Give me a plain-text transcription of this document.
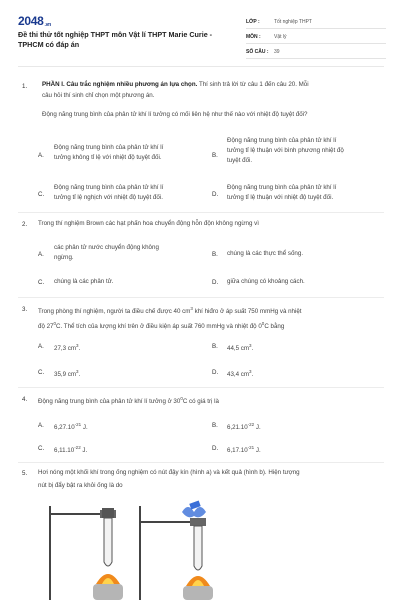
2048.vn
Đề thi thử tốt nghiệp THPT môn Vật lí THPT Marie Curie - TPHCM có đáp án
LỚP :	Tốt nghiệp THPT
MÔN :	Vật lý
SỐ CÂU :	39
1. PHẦN I. Câu trắc nghiệm nhiều phương án lựa chọn. Thí sinh trả lời từ câu 1 đến câu 20. Mỗi
câu hỏi thí sinh chỉ chọn một phương án.
Động năng trung bình của phân tử khí lí tưởng có mối liên hệ như thế nào với nhiệt độ tuyệt đối?
A.
Động năng trung bình của phân tử khí lí
tưởng không tỉ lệ với nhiệt độ tuyệt đối.	B.
Động năng trung bình của phân tử khí lí
tưởng tỉ lệ thuận với bình phương nhiệt độ
tuyệt đối.
C.
Động năng trung bình của phân tử khí lí
tưởng tỉ lệ nghịch với nhiệt độ tuyệt đối.	D.
Động năng trung bình của phân tử khí lí
tưởng tỉ lệ thuận với nhiệt độ tuyệt đối.
2. Trong thí nghiệm Brown các hạt phấn hoa chuyển động hỗn độn không ngừng vì
A.
các phân tử nước chuyển động không
ngừng.	B. chúng là các thực thể sống.
C. chúng là các phân tử.	D. giữa chúng có khoảng cách.
3. Trong phòng thí nghiệm, người ta điều chế được 40 $cm^3$ khí hiđro ở áp suất 750 mmHg và nhiệt
độ $27^0C$. Thể tích của lượng khí trên ở điều kiện áp suất 760 mmHg và nhiệt độ $0^0C$ bằng
A. 27,3 $cm^3$.	B. 44,5 $cm^3$.
C. 35,9 $cm^3$.	D. 43,4 $cm^3$.
4. Động năng trung bình của phân tử khí lí tưởng ở $30^0C$ có giá trị là
A. $6,27.10^{-21}$ J.	B. $6,21.10^{-22}$ J.
C. $6,11.10^{-22}$ J.	D. $6,17.10^{-21}$ J.
5. Hơi nóng một khối khí trong ống nghiệm có nút đậy kín (hình a) và kết quả (hình b). Hiện tượng
nút bị đẩy bật ra khỏi ống là do
